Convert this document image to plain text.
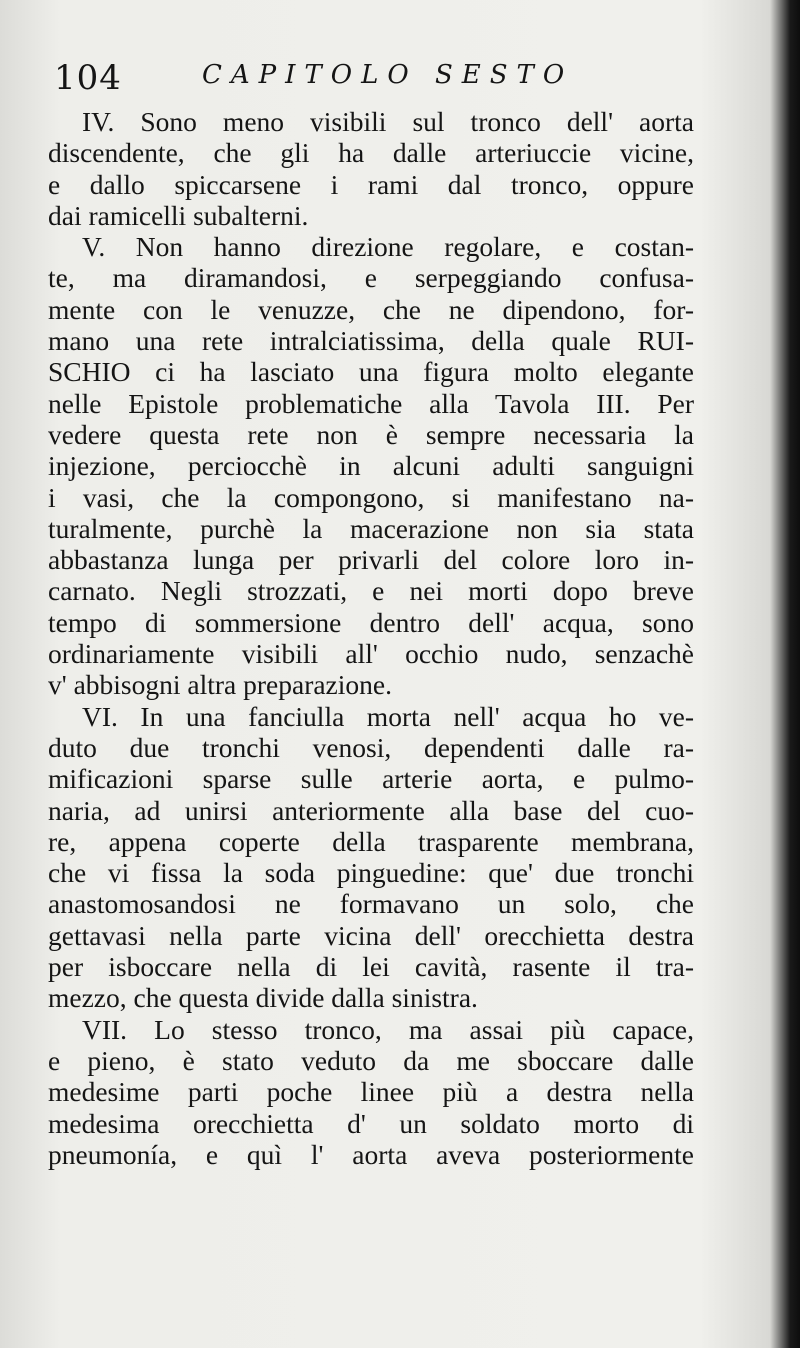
104	CAPITOLO SESTO
IV. Sono meno visibili sul tronco dell' aorta
discendente, che gli ha dalle arteriuccie vicine,
e dallo spiccarsene i rami dal tronco, oppure
dai ramicelli subalterni.
V. Non hanno direzione regolare, e costan-
te, ma diramandosi, e serpeggiando confusa-
mente con le venuzze, che ne dipendono, for-
mano una rete intralciatissima, della quale RUI-
SCHIO ci ha lasciato una figura molto elegante
nelle Epistole problematiche alla Tavola III. Per
vedere questa rete non è sempre necessaria la
injezione, perciocchè in alcuni adulti sanguigni
i vasi, che la compongono, si manifestano na-
turalmente, purchè la macerazione non sia stata
abbastanza lunga per privarli del colore loro in-
carnato. Negli strozzati, e nei morti dopo breve
tempo di sommersione dentro dell' acqua, sono
ordinariamente visibili all' occhio nudo, senzachè
v' abbisogni altra preparazione.
VI. In una fanciulla morta nell' acqua ho ve-
duto due tronchi venosi, dependenti dalle ra-
mificazioni sparse sulle arterie aorta, e pulmo-
naria, ad unirsi anteriormente alla base del cuo-
re, appena coperte della trasparente membrana,
che vi fissa la soda pinguedine: que' due tronchi
anastomosandosi ne formavano un solo, che
gettavasi nella parte vicina dell' orecchietta destra
per isboccare nella di lei cavità, rasente il tra-
mezzo, che questa divide dalla sinistra.
VII. Lo stesso tronco, ma assai più capace,
e pieno, è stato veduto da me sboccare dalle
medesime parti poche linee più a destra nella
medesima orecchietta d' un soldato morto di
pneumonía, e quì l' aorta aveva posteriormente
